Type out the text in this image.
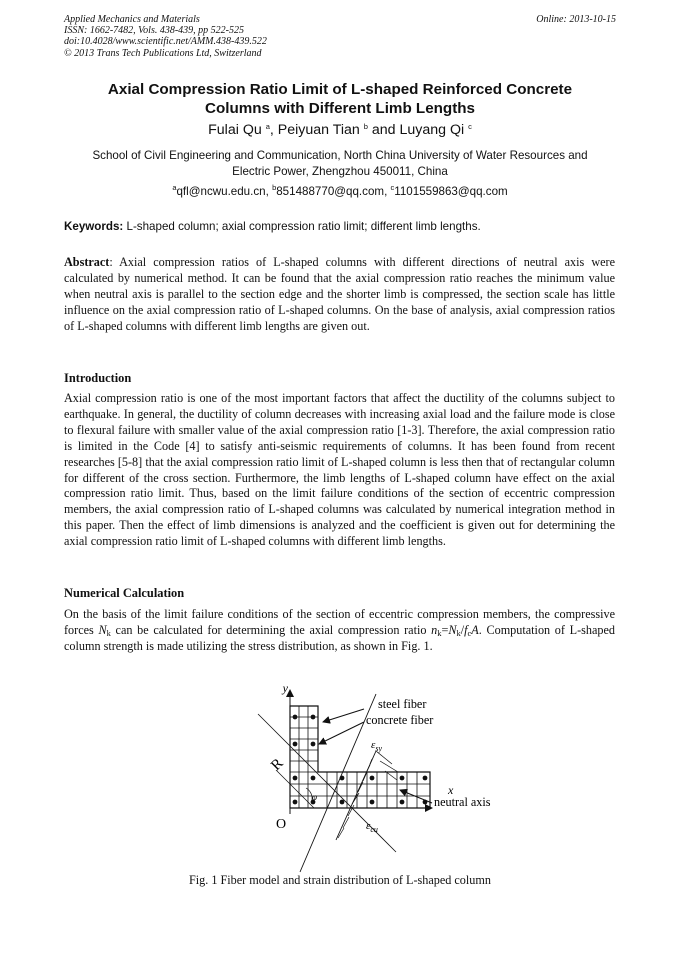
Applied Mechanics and Materials
ISSN: 1662-7482, Vols. 438-439, pp 522-525
doi:10.4028/www.scientific.net/AMM.438-439.522
© 2013 Trans Tech Publications Ltd, Switzerland
Online: 2013-10-15
Axial Compression Ratio Limit of L-shaped Reinforced Concrete
Columns with Different Limb Lengths
Fulai Qu $^a$, Peiyuan Tian $^b$ and Luyang Qi $^c$
School of Civil Engineering and Communication, North China University of Water Resources and
Electric Power, Zhengzhou 450011, China
$^a$qfl@ncwu.edu.cn, $^b$851488770@qq.com, $^c$1101559863@qq.com
Keywords: L-shaped column; axial compression ratio limit; different limb lengths.
Abstract: Axial compression ratios of L-shaped columns with different directions of neutral axis were calculated by numerical method. It can be found that the axial compression ratio reaches the minimum value when neutral axis is parallel to the section edge and the shorter limb is compressed, the section scale has little influence on the axial compression ratio of L-shaped columns. On the base of analysis, axial compression ratios of L-shaped columns with different limb lengths are given out.
Introduction
Axial compression ratio is one of the most important factors that affect the ductility of the columns subject to earthquake. In general, the ductility of column decreases with increasing axial load and the failure mode is close to flexural failure with smaller value of the axial compression ratio [1-3]. Therefore, the axial compression ratio is limited in the Code [4] to satisfy anti-seismic requirements of columns. It has been found from recent researches [5-8] that the axial compression ratio limit of L-shaped column is less then that of rectangular column for different of the cross section. Furthermore, the limb lengths of L-shaped column have effect on the axial compression ratio limit. Thus, based on the limit failure conditions of the section of eccentric compression members, the axial compression ratio of L-shaped columns was calculated by numerical integration method in this paper. Then the effect of limb dimensions is analyzed and the coefficient is given out for determining the axial compression ratio limit of L-shaped columns with different limb lengths.
Numerical Calculation
On the basis of the limit failure conditions of the section of eccentric compression members, the compressive forces $N_k$ can be calculated for determining the axial compression ratio $n_k=N_k/f_cA$. Computation of L-shaped column strength is made utilizing the stress distribution, as shown in Fig. 1.
y
x
steel fiber
concrete fiber
$\varepsilon_{sy}$
$\varepsilon_{cu}$
neutral axis
R
O
φ
Fig. 1 Fiber model and strain distribution of L-shaped column
